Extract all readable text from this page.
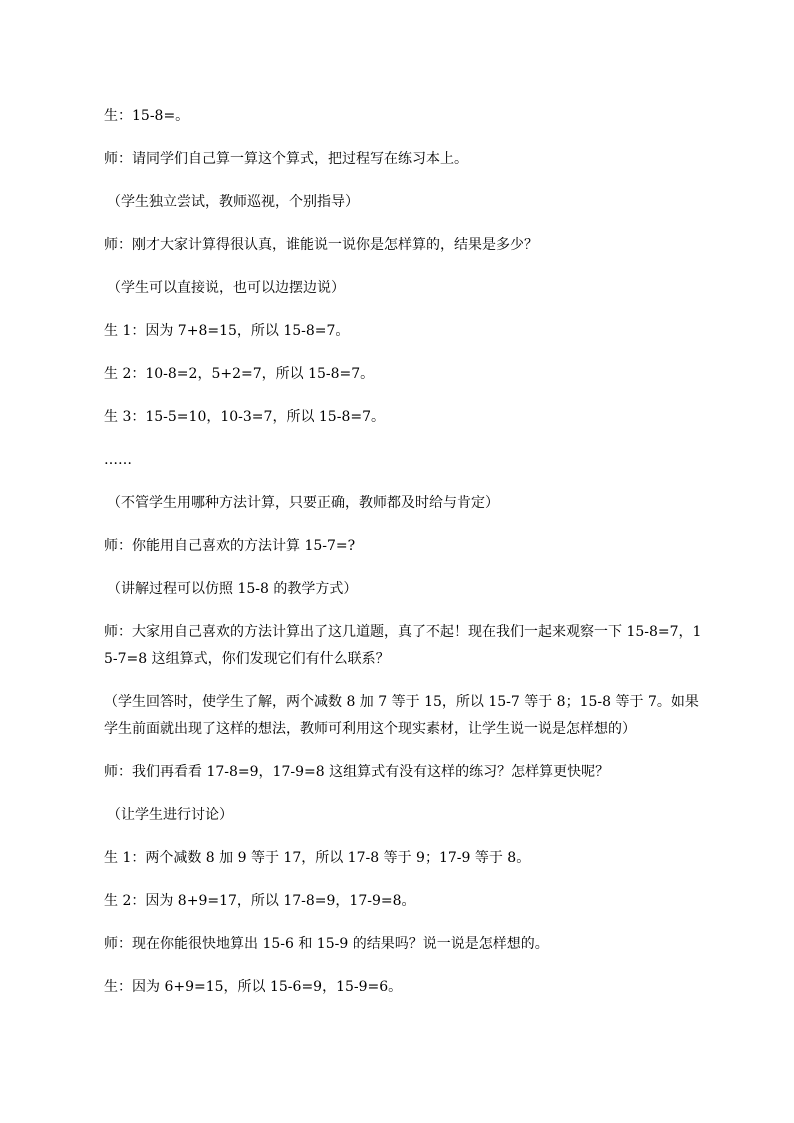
生：15-8=。

师：请同学们自己算一算这个算式，把过程写在练习本上。

（学生独立尝试，教师巡视，个别指导）

师：刚才大家计算得很认真，谁能说一说你是怎样算的，结果是多少？

（学生可以直接说，也可以边摆边说）

生 1：因为 7+8=15，所以 15-8=7。

生 2：10-8=2，5+2=7，所以 15-8=7。

生 3：15-5=10，10-3=7，所以 15-8=7。

……

（不管学生用哪种方法计算，只要正确，教师都及时给与肯定）

师：你能用自己喜欢的方法计算 15-7=?

（讲解过程可以仿照 15-8 的教学方式）

师：大家用自己喜欢的方法计算出了这几道题，真了不起！现在我们一起来观察一下 15-8=7，15-7=8 这组算式，你们发现它们有什么联系？

（学生回答时，使学生了解，两个减数 8 加 7 等于 15，所以 15-7 等于 8；15-8 等于 7。如果学生前面就出现了这样的想法，教师可利用这个现实素材，让学生说一说是怎样想的）

师：我们再看看 17-8=9，17-9=8 这组算式有没有这样的练习？怎样算更快呢？

（让学生进行讨论）

生 1：两个减数 8 加 9 等于 17，所以 17-8 等于 9；17-9 等于 8。

生 2：因为 8+9=17，所以 17-8=9，17-9=8。

师：现在你能很快地算出 15-6 和 15-9 的结果吗？说一说是怎样想的。

生：因为 6+9=15，所以 15-6=9，15-9=6。
